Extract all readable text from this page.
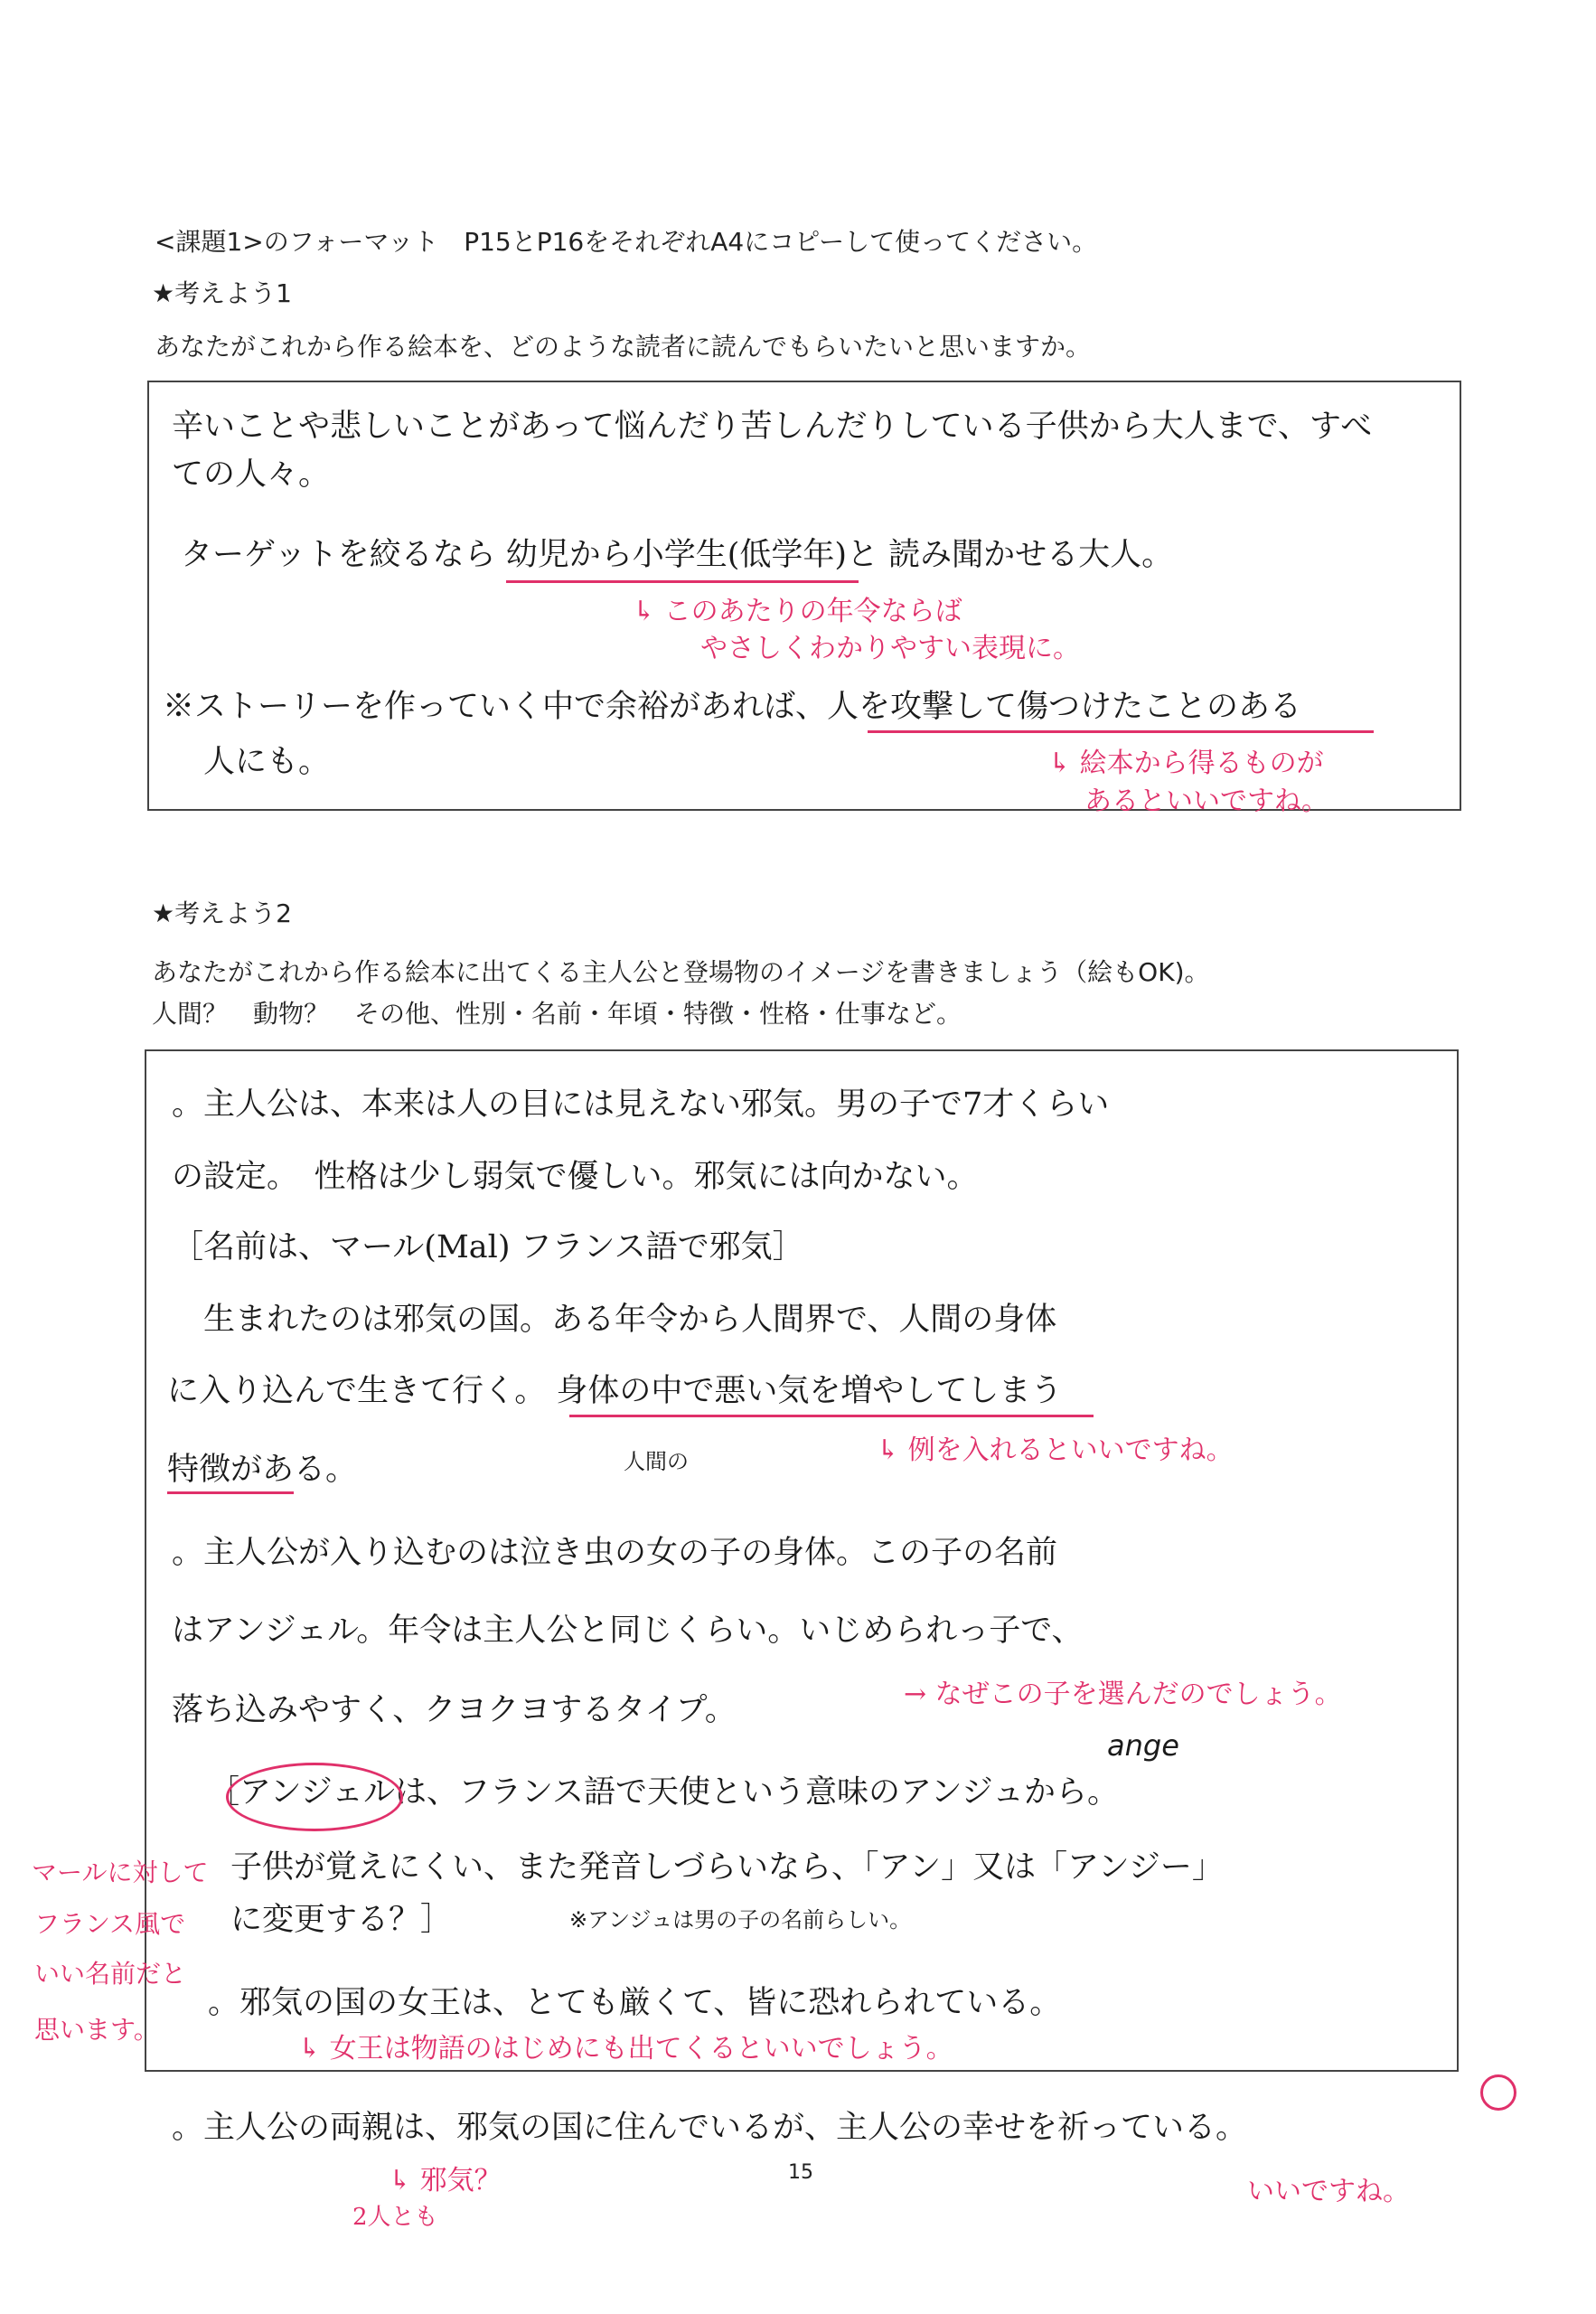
<課題1>のフォーマット　P15とP16をそれぞれA4にコピーして使ってください。
★考えよう1
あなたがこれから作る絵本を、どのような読者に読んでもらいたいと思いますか。
辛いことや悲しいことがあって悩んだり苦しんだりしている子供から大人まで、すべ
ての人々。
ターゲットを絞るなら 幼児から小学生(低学年)と 読み聞かせる大人。
↳ このあたりの年令ならば
やさしくわかりやすい表現に。
※ストーリーを作っていく中で余裕があれば、人を攻撃して傷つけたことのある
人にも。	↳ 絵本から得るものが
あるといいですね。
★考えよう2
あなたがこれから作る絵本に出てくる主人公と登場物のイメージを書きましょう（絵もOK)。
人間？　動物？　その他、性別・名前・年頃・特徴・性格・仕事など。
。主人公は、本来は人の目には見えない邪気。男の子で7才くらい
の設定。　性格は少し弱気で優しい。邪気には向かない。
［名前は、マール(Mal) フランス語で邪気］
　生まれたのは邪気の国。ある年令から人間界で、人間の身体
に入り込んで生きて行く。 身体の中で悪い気を増やしてしまう
特徴がある。	人間の	↳ 例を入れるといいですね。
。主人公が入り込むのは泣き虫の女の子の身体。この子の名前
はアンジェル。年令は主人公と同じくらい。いじめられっ子で、
落ち込みやすく、クヨクヨするタイプ。	→ なぜこの子を選んだのでしょう。
ange
［アンジェルは、フランス語で天使という意味のアンジュから。
子供が覚えにくい、また発音しづらいなら、「アン」又は「アンジー」
に変更する？］	※アンジュは男の子の名前らしい。
マールに対して
フランス風で
いい名前だと
思います。
。邪気の国の女王は、とても厳くて、皆に恐れられている。
↳ 女王は物語のはじめにも出てくるといいでしょう。
。主人公の両親は、邪気の国に住んでいるが、主人公の幸せを祈っている。
↳ 邪気？
2人とも
いいですね。
15
